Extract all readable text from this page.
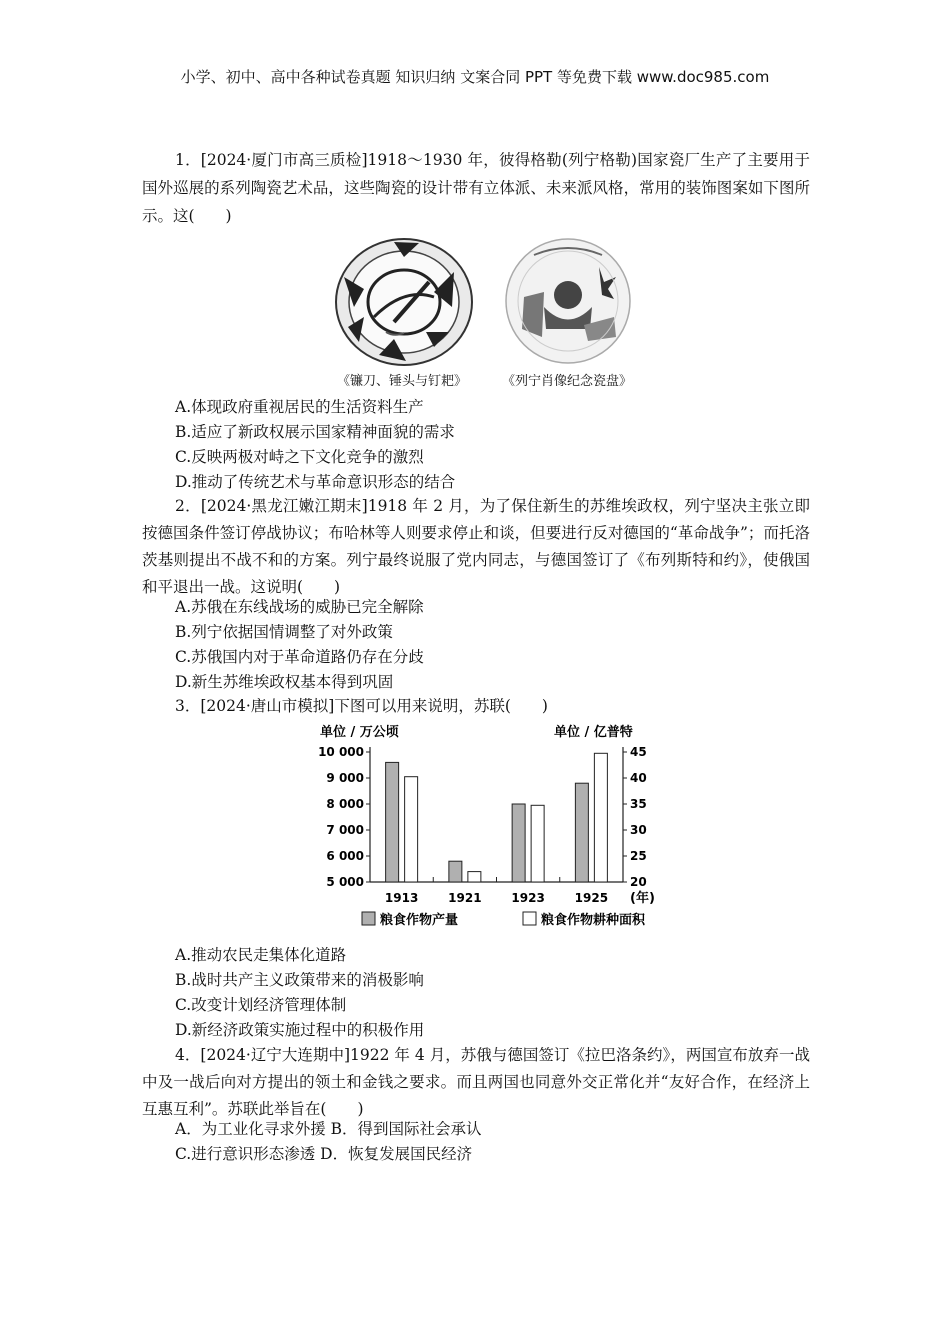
小学、初中、高中各种试卷真题 知识归纳 文案合同 PPT 等免费下载 www.doc985.com
1．[2024·厦门市高三质检]1918～1930 年，彼得格勒(列宁格勒)国家瓷厂生产了主要用于国外巡展的系列陶瓷艺术品，这些陶瓷的设计带有立体派、未来派风格，常用的装饰图案如下图所示。这(　　)
《镰刀、锤头与钉耙》	《列宁肖像纪念瓷盘》
A.体现政府重视居民的生活资料生产
B.适应了新政权展示国家精神面貌的需求
C.反映两极对峙之下文化竞争的激烈
D.推动了传统艺术与革命意识形态的结合
2．[2024·黑龙江嫩江期末]1918 年 2 月，为了保住新生的苏维埃政权，列宁坚决主张立即按德国条件签订停战协议；布哈林等人则要求停止和谈，但要进行反对德国的“革命战争”；而托洛茨基则提出不战不和的方案。列宁最终说服了党内同志，与德国签订了《布列斯特和约》，使俄国和平退出一战。这说明(　　)
A.苏俄在东线战场的威胁已完全解除
B.列宁依据国情调整了对外政策
C.苏俄国内对于革命道路仍存在分歧
D.新生苏维埃政权基本得到巩固
3．[2024·唐山市模拟]下图可以用来说明，苏联(　　)
单位 / 万公顷	单位 / 亿普特
5 000
6 000
7 000
8 000
9 000
10 000
20
25
30
35
40
45
1913 1921 1923 1925 (年)
粮食作物产量	粮食作物耕种面积
A.推动农民走集体化道路
B.战时共产主义政策带来的消极影响
C.改变计划经济管理体制
D.新经济政策实施过程中的积极作用
4．[2024·辽宁大连期中]1922 年 4 月，苏俄与德国签订《拉巴洛条约》，两国宣布放弃一战中及一战后向对方提出的领土和金钱之要求。而且两国也同意外交正常化并“友好合作，在经济上互惠互利”。苏联此举旨在(　　)
A．为工业化寻求外援 B．得到国际社会承认
C.进行意识形态渗透 D．恢复发展国民经济
